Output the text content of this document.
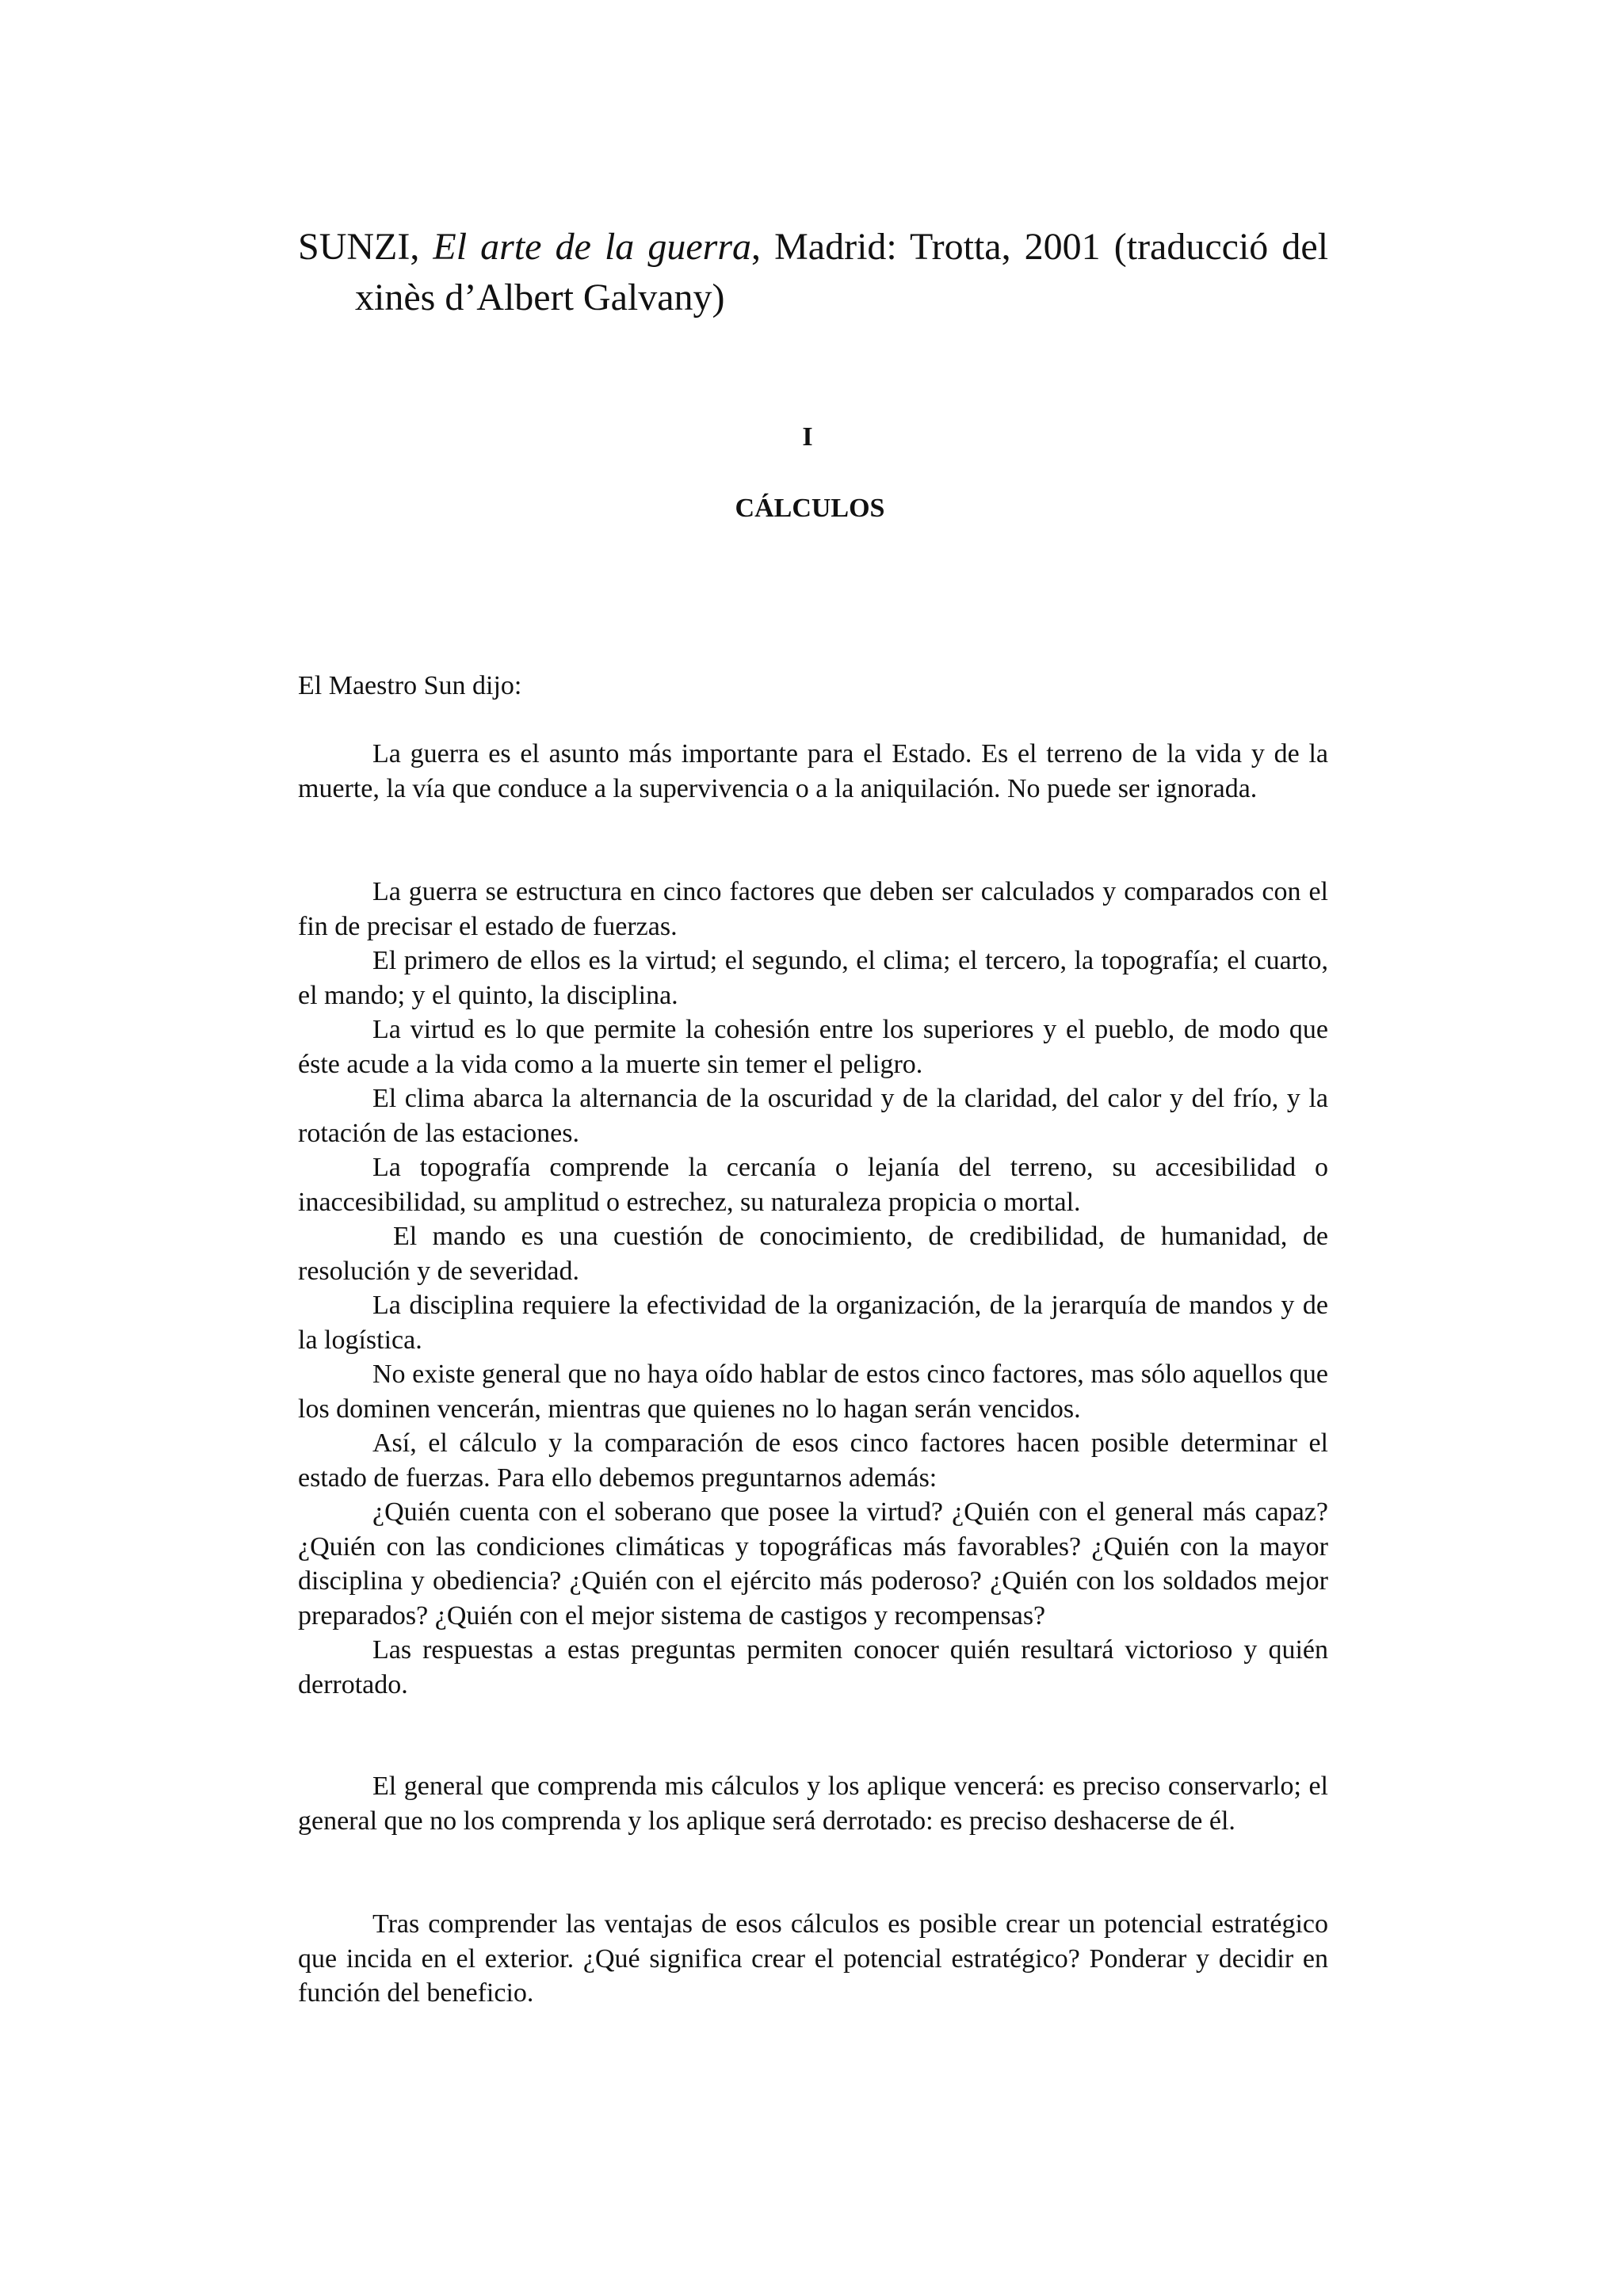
SUNZI, El arte de la guerra, Madrid: Trotta, 2001 (traducció del
xinès d’Albert Galvany)
I
CÁLCULOS
El Maestro Sun dijo:

La guerra es el asunto más importante para el Estado. Es el terreno de la vida y de la muerte, la vía que conduce a la supervivencia o a la aniquilación. No puede ser ignorada.

La guerra se estructura en cinco factores que deben ser calculados y comparados con el fin de precisar el estado de fuerzas.

El primero de ellos es la virtud; el segundo, el clima; el tercero, la topografía; el cuarto, el mando; y el quinto, la disciplina.

La virtud es lo que permite la cohesión entre los superiores y el pueblo, de modo que éste acude a la vida como a la muerte sin temer el peligro.

El clima abarca la alternancia de la oscuridad y de la claridad, del calor y del frío, y la rotación de las estaciones.

La topografía comprende la cercanía o lejanía del terreno, su accesibilidad o inaccesibilidad, su amplitud o estrechez, su naturaleza propicia o mortal.

El mando es una cuestión de conocimiento, de credibilidad, de humanidad, de resolución y de severidad.

La disciplina requiere la efectividad de la organización, de la jerarquía de mandos y de la logística.

No existe general que no haya oído hablar de estos cinco factores, mas sólo aquellos que los dominen vencerán, mientras que quienes no lo hagan serán vencidos.

Así, el cálculo y la comparación de esos cinco factores hacen posible determinar el estado de fuerzas. Para ello debemos preguntarnos además:

¿Quién cuenta con el soberano que posee la virtud? ¿Quién con el general más capaz? ¿Quién con las condiciones climáticas y topográficas más favorables? ¿Quién con la mayor disciplina y obediencia? ¿Quién con el ejército más poderoso? ¿Quién con los soldados mejor preparados? ¿Quién con el mejor sistema de castigos y recompensas?

Las respuestas a estas preguntas permiten conocer quién resultará victorioso y quién derrotado.

El general que comprenda mis cálculos y los aplique vencerá: es preciso conservarlo; el general que no los comprenda y los aplique será derrotado: es preciso deshacerse de él.

Tras comprender las ventajas de esos cálculos es posible crear un potencial estratégico que incida en el exterior. ¿Qué significa crear el potencial estratégico? Ponderar y decidir en función del beneficio.
